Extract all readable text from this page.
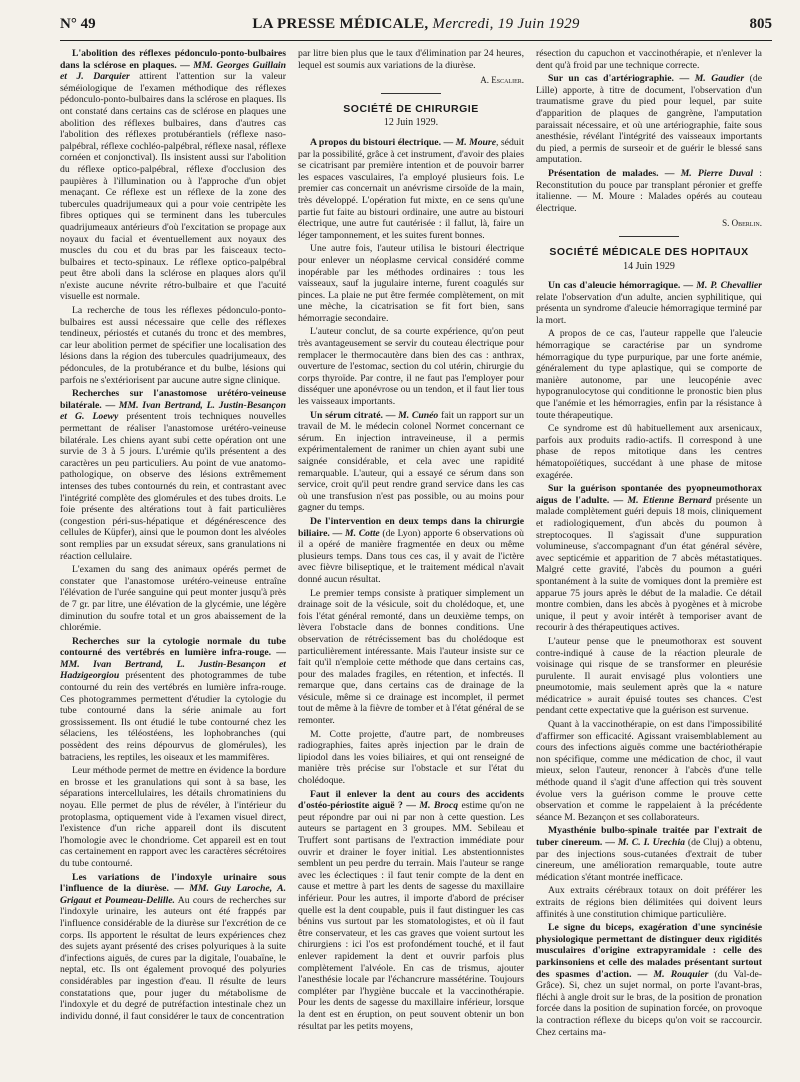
N° 49	LA PRESSE MÉDICALE, Mercredi, 19 Juin 1929	805

L'abolition des réflexes pédonculo-ponto-bulbaires dans la sclérose en plaques. — MM. Georges Guillain et J. Darquier attirent l'attention sur la valeur séméiologique de l'examen méthodique des réflexes pédonculo-ponto-bulbaires dans la sclérose en plaques. Ils ont constaté dans certains cas de sclérose en plaques une abolition des réflexes bulbaires, dans d'autres cas l'abolition des réflexes protubérantiels (réflexe naso-palpébral, réflexe cochléo-palpébral, réflexe nasal, réflexe cornéen et conjonctival). Ils insistent aussi sur l'abolition du réflexe optico-palpébral, réflexe d'occlusion des paupières à l'illumination ou à l'approche d'un objet menaçant. Ce réflexe est un réflexe de la zone des tubercules quadrijumeaux qui a pour voie centripète les fibres optiques qui se terminent dans les tubercules quadrijumeaux antérieurs d'où l'excitation se propage aux noyaux du facial et éventuellement aux noyaux des muscles du cou et du bras par les faisceaux tecto-bulbaires et tecto-spinaux. Le réflexe optico-palpébral peut être aboli dans la sclérose en plaques alors qu'il n'existe aucune névrite rétro-bulbaire et que l'acuité visuelle est normale.

La recherche de tous les réflexes pédonculo-ponto-bulbaires est aussi nécessaire que celle des réflexes tendineux, périostés et cutanés du tronc et des membres, car leur abolition permet de spécifier une localisation des lésions dans la région des tubercules quadrijumeaux, des pédoncules, de la protubérance et du bulbe, lésions qui parfois ne s'extériorisent par aucune autre signe clinique.

Recherches sur l'anastomose urétéro-veineuse bilatérale. — MM. Ivan Bertrand, L. Justin-Besançon et G. Loewy présentent trois techniques nouvelles permettant de réaliser l'anastomose urétéro-veineuse bilatérale. Les chiens ayant subi cette opération ont une survie de 3 à 5 jours. L'urémie qu'ils présentent a des caractères un peu particuliers. Au point de vue anatomo-pathologique, on observe des lésions extrêmement intenses des tubes contournés du rein, et contrastant avec l'intégrité complète des glomérules et des tubes droits. Le foie présente des altérations tout à fait particulières (congestion péri-sus-hépatique et dégénérescence des cellules de Küpfer), ainsi que le poumon dont les alvéoles sont remplies par un exsudat séreux, sans granulations ni réaction cellulaire.

L'examen du sang des animaux opérés permet de constater que l'anastomose urétéro-veineuse entraîne l'élévation de l'urée sanguine qui peut monter jusqu'à près de 7 gr. par litre, une élévation de la glycémie, une légère diminution du soufre total et un gros abaissement de la chlorémie.

Recherches sur la cytologie normale du tube contourné des vertébrés en lumière infra-rouge. — MM. Ivan Bertrand, L. Justin-Besançon et Hadzigeorgiou présentent des photogrammes de tube contourné du rein des vertébrés en lumière infra-rouge. Ces photogrammes permettent d'étudier la cytologie du tube contourné dans la série animale au fort grossissement. Ils ont étudié le tube contourné chez les sélaciens, les téléostéens, les lophobranches (qui possèdent des reins dépourvus de glomérules), les batraciens, les reptiles, les oiseaux et les mammifères.

Leur méthode permet de mettre en évidence la bordure en brosse et les granulations qui sont à sa base, les séparations intercellulaires, les détails chromatiniens du noyau. Elle permet de plus de révéler, à l'intérieur du protoplasma, optiquement vide à l'examen visuel direct, l'existence d'un riche appareil dont ils discutent l'homologie avec le chondriome. Cet appareil est en tout cas certainement en rapport avec les caractères sécrétoires du tube contourné.

Les variations de l'indoxyle urinaire sous l'influence de la diurèse. — MM. Guy Laroche, A. Grigaut et Poumeau-Delille. Au cours de recherches sur l'indoxyle urinaire, les auteurs ont été frappés par l'influence considérable de la diurèse sur l'excrétion de ce corps. Ils apportent le résultat de leurs expériences chez des sujets ayant présenté des crises polyuriques à la suite d'infections aiguës, de cures par la digitale, l'ouabaïne, le neptal, etc. Ils ont également provoqué des polyuries considérables par ingestion d'eau. Il résulte de leurs constatations que, pour juger du métabolisme de l'indoxyle et du degré de putréfaction intestinale chez un individu donné, il faut considérer le taux de concentration

par litre bien plus que le taux d'élimination par 24 heures, lequel est soumis aux variations de la diurèse.

A. Escalier.
SOCIÉTÉ DE CHIRURGIE
12 Juin 1929.

A propos du bistouri électrique. — M. Moure, séduit par la possibilité, grâce à cet instrument, d'avoir des plaies se cicatrisant par première intention et de pouvoir barrer les espaces vasculaires, l'a employé plusieurs fois. Le premier cas concernait un anévrisme cirsoïde de la main, très développé. L'opération fut mixte, en ce sens qu'une partie fut faite au bistouri ordinaire, une autre au bistouri électrique, une autre fut cautérisée : il fallut, là, faire un léger tamponnement, et les suites furent bonnes.

Une autre fois, l'auteur utilisa le bistouri électrique pour enlever un néoplasme cervical considéré comme inopérable par les méthodes ordinaires : tous les vaisseaux, sauf la jugulaire interne, furent coagulés sur pinces. La plaie ne put être fermée complètement, on mit une mèche, la cicatrisation se fit fort bien, sans hémorragie secondaire.

L'auteur conclut, de sa courte expérience, qu'on peut très avantageusement se servir du couteau électrique pour remplacer le thermocautère dans bien des cas : anthrax, ouverture de l'estomac, section du col utérin, chirurgie du corps thyroïde. Par contre, il ne faut pas l'employer pour disséquer une aponévrose ou un tendon, et il faut lier tous les vaisseaux importants.

Un sérum citraté. — M. Cunéo fait un rapport sur un travail de M. le médecin colonel Normet concernant ce sérum. En injection intraveineuse, il a permis expérimentalement de ranimer un chien ayant subi une saignée considérable, et cela avec une rapidité remarquable. L'auteur, qui a essayé ce sérum dans son service, croit qu'il peut rendre grand service dans les cas où une transfusion n'est pas possible, ou au moins pour gagner du temps.

De l'intervention en deux temps dans la chirurgie biliaire. — M. Cotte (de Lyon) apporte 6 observations où il a opéré de manière fragmentée en deux ou même plusieurs temps. Dans tous ces cas, il y avait de l'ictère avec fièvre biliseptique, et le traitement médical n'avait donné aucun résultat.

Le premier temps consiste à pratiquer simplement un drainage soit de la vésicule, soit du cholédoque, et, une fois l'état général remonté, dans un deuxième temps, on lèvera l'obstacle dans de bonnes conditions. Une observation de rétrécissement bas du cholédoque est particulièrement intéressante. Mais l'auteur insiste sur ce fait qu'il n'emploie cette méthode que dans certains cas, pour des malades fragiles, en rétention, et infectés. Il remarque que, dans certains cas de drainage de la vésicule, même si ce drainage est incomplet, il permet tout de même à la fièvre de tomber et à l'état général de se remonter.

M. Cotte projette, d'autre part, de nombreuses radiographies, faites après injection par le drain de lipiodol dans les voies biliaires, et qui ont renseigné de manière très précise sur l'obstacle et sur l'état du cholédoque.

Faut il enlever la dent au cours des accidents d'ostéo-périostite aiguë ? — M. Brocq estime qu'on ne peut répondre par oui ni par non à cette question. Les auteurs se partagent en 3 groupes. MM. Sebileau et Truffert sont partisans de l'extraction immédiate pour ouvrir et drainer le foyer initial. Les abstentionnistes semblent un peu perdre du terrain. Mais l'auteur se range avec les éclectiques : il faut tenir compte de la dent en cause et mettre à part les dents de sagesse du maxillaire inférieur. Pour les autres, il importe d'abord de préciser quelle est la dent coupable, puis il faut distinguer les cas bénins vus surtout par les stomatologistes, et où il faut être conservateur, et les cas graves que voient surtout les chirurgiens : ici l'os est profondément touché, et il faut enlever rapidement la dent et ouvrir parfois plus complètement l'alvéole. En cas de trismus, ajouter l'anesthésie locale par l'échancrure massétérine. Toujours compléter par l'hygiène buccale et la vaccinothérapie. Pour les dents de sagesse du maxillaire inférieur, lorsque la dent est en éruption, on peut souvent obtenir un bon résultat par les petits moyens,

résection du capuchon et vaccinothérapie, et n'enlever la dent qu'à froid par une technique correcte.

Sur un cas d'artériographie. — M. Gaudier (de Lille) apporte, à titre de document, l'observation d'un traumatisme grave du pied pour lequel, par suite d'apparition de plaques de gangrène, l'amputation paraissait nécessaire, et où une artériographie, faite sous anesthésie, révélant l'intégrité des vaisseaux importants du pied, a permis de surseoir et de guérir le blessé sans amputation.

Présentation de malades. — M. Pierre Duval : Reconstitution du pouce par transplant péronier et greffe italienne. — M. Moure : Malades opérés au couteau électrique.

S. Oberlin.
SOCIÉTÉ MÉDICALE DES HOPITAUX
14 Juin 1929

Un cas d'aleucie hémorragique. — M. P. Chevallier relate l'observation d'un adulte, ancien syphilitique, qui présenta un syndrome d'aleucie hémorragique terminé par la mort.

A propos de ce cas, l'auteur rappelle que l'aleucie hémorragique se caractérise par un syndrome hémorragique du type purpurique, par une forte anémie, généralement du type aplastique, qui se comporte de manière autonome, par une leucopénie avec hypogranulocytose qui conditionne le pronostic bien plus que l'anémie et les hémorragies, enfin par la résistance à toute thérapeutique.

Ce syndrome est dû habituellement aux arsenicaux, parfois aux produits radio-actifs. Il correspond à une phase de repos mitotique dans les centres hématopoïétiques, succédant à une phase de mitose exagérée.

Sur la guérison spontanée des pyopneumothorax aigus de l'adulte. — M. Etienne Bernard présente un malade complètement guéri depuis 18 mois, cliniquement et radiologiquement, d'un abcès du poumon à streptocoques. Il s'agissait d'une suppuration volumineuse, s'accompagnant d'un état général sévère, avec septicémie et apparition de 7 abcès métastatiques. Malgré cette gravité, l'abcès du poumon a guéri spontanément à la suite de vomiques dont la première est apparue 75 jours après le début de la maladie. Ce détail montre combien, dans les abcès à pyogènes et à microbe unique, il peut y avoir intérêt à temporiser avant de recourir à des thérapeutiques actives.

L'auteur pense que le pneumothorax est souvent contre-indiqué à cause de la réaction pleurale de voisinage qui risque de se transformer en pleurésie purulente. Il aurait envisagé plus volontiers une pneumotomie, mais seulement après que la « nature médicatrice » aurait épuisé toutes ses chances. C'est pendant cette expectative que la guérison est survenue.

Quant à la vaccinothérapie, on est dans l'impossibilité d'affirmer son efficacité. Agissant vraisemblablement au cours des infections aiguës comme une bactériothérapie non spécifique, comme une médication de choc, il vaut mieux, selon l'auteur, renoncer à l'abcès d'une telle méthode quand il s'agit d'une affection qui très souvent évolue vers la guérison comme le prouve cette observation et comme le rappelaient à la précédente séance M. Bezançon et ses collaborateurs.

Myasthénie bulbo-spinale traitée par l'extrait de tuber cinereum. — M. C. I. Urechia (de Cluj) a obtenu, par des injections sous-cutanées d'extrait de tuber cinereum, une amélioration remarquable, toute autre médication s'étant montrée inefficace.

Aux extraits cérébraux totaux on doit préférer les extraits de régions bien délimitées qui doivent leurs affinités à une constitution chimique particulière.

Le signe du biceps, exagération d'une syncinésie physiologique permettant de distinguer deux rigidités musculaires d'origine extrapyramidale : celle des parkinsoniens et celle des malades présentant surtout des spasmes d'action. — M. Rouquier (du Val-de-Grâce). Si, chez un sujet normal, on porte l'avant-bras, fléchi à angle droit sur le bras, de la position de pronation forcée dans la position de supination forcée, on provoque la contraction réflexe du biceps qu'on voit se raccourcir. Chez certains ma-
